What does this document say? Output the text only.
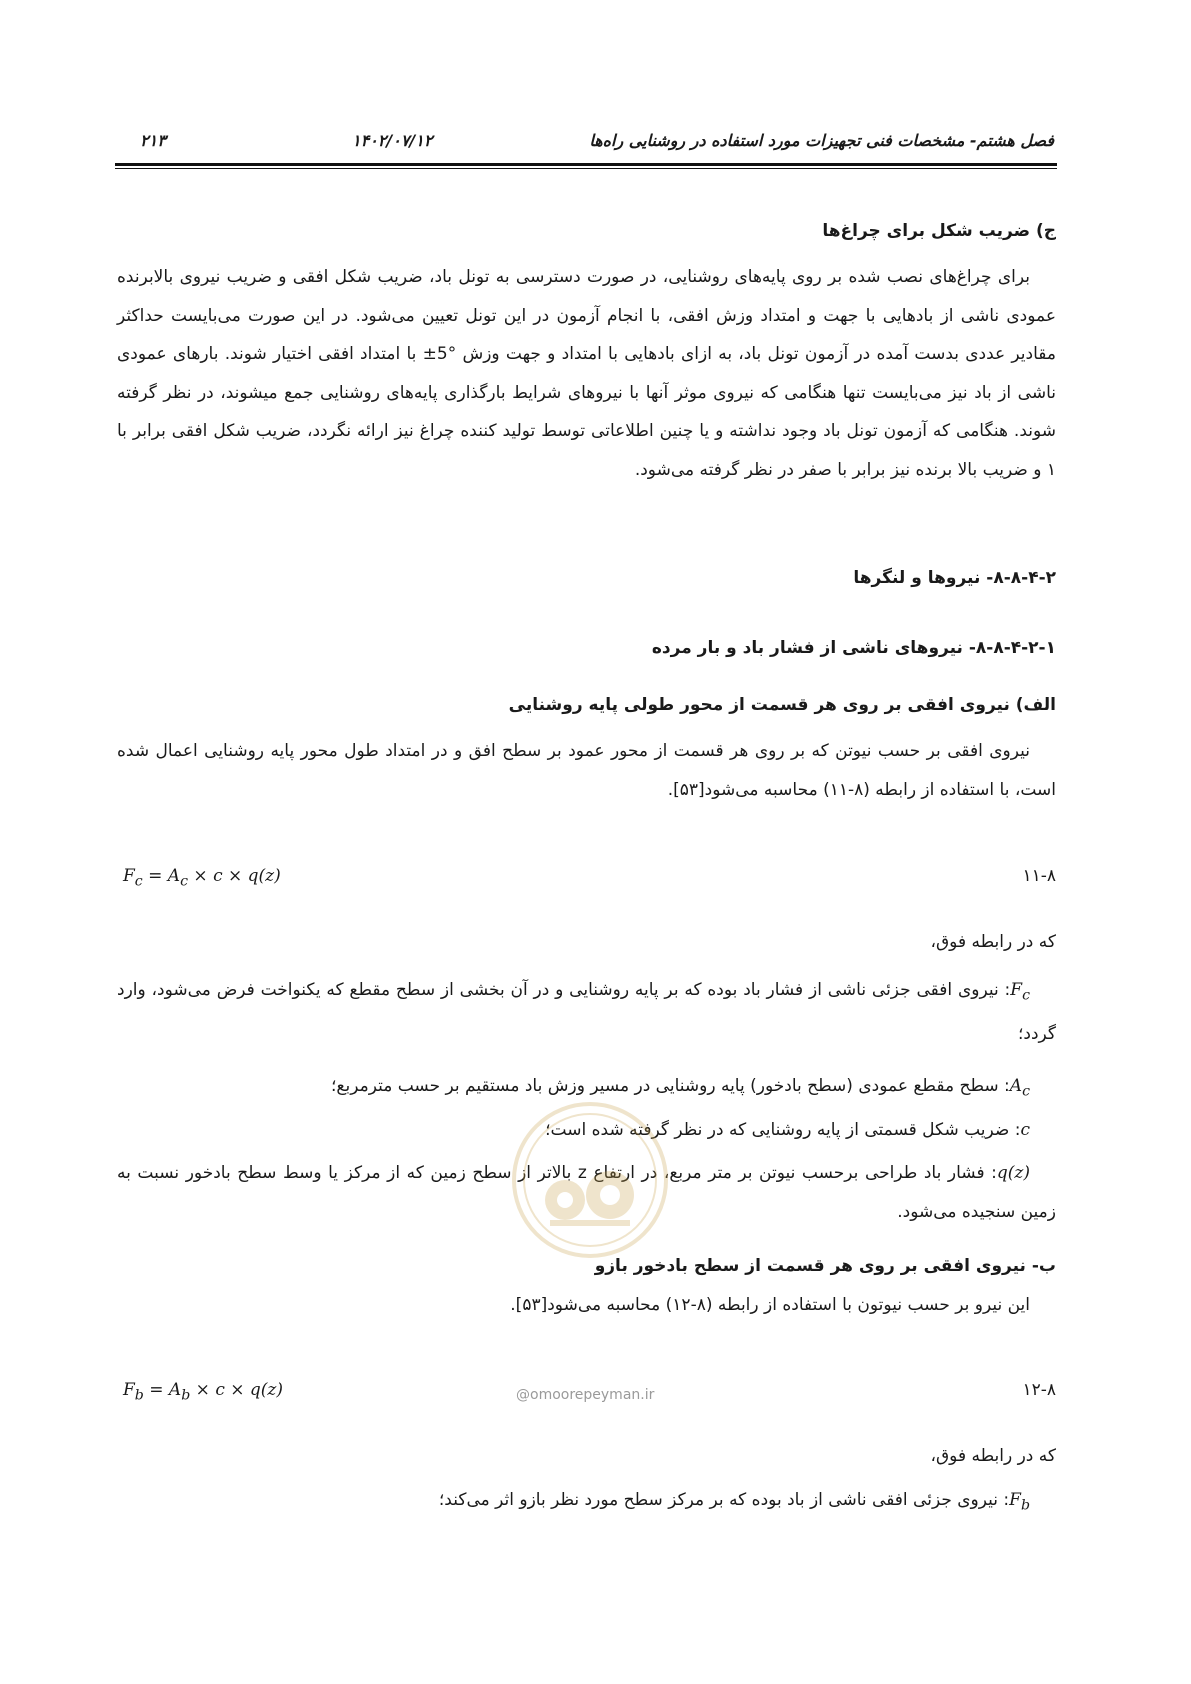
فصل هشتم- مشخصات فنی تجهیزات مورد استفاده در روشنایی راه‌ها
۱۴۰۲/۰۷/۱۲
۲۱۳
ج) ضریب شکل برای چراغ‌ها
برای چراغ‌های نصب شده بر روی پایه‌های روشنایی، در صورت دسترسی به تونل باد، ضریب شکل افقی و ضریب نیروی بالابرنده عمودی ناشی از بادهایی با جهت و امتداد وزش افقی، با انجام آزمون در این تونل تعیین می‌شود. در این صورت می‌بایست حداکثر مقادیر عددی بدست آمده در آزمون تونل باد، به ازای بادهایی با امتداد و جهت وزش °5± با امتداد افقی اختیار شوند. بارهای عمودی ناشی از باد نیز می‌بایست تنها هنگامی که نیروی موثر آنها با نیروهای شرایط بارگذاری پایه‌های روشنایی جمع میشوند، در نظر گرفته شوند. هنگامی که آزمون تونل باد وجود نداشته و یا چنین اطلاعاتی توسط تولید کننده چراغ نیز ارائه نگردد، ضریب شکل افقی برابر با ۱ و ضریب بالا برنده نیز برابر با صفر در نظر گرفته می‌شود.
۸-۸-۴-۲- نیروها و لنگرها
۸-۸-۴-۲-۱- نیروهای ناشی از فشار باد و بار مرده
الف) نیروی افقی بر روی هر قسمت از محور طولی پایه روشنایی
نیروی افقی بر حسب نیوتن که بر روی هر قسمت از محور عمود بر سطح افق و در امتداد طول محور پایه روشنایی اعمال شده است، با استفاده از رابطه (۸-۱۱) محاسبه می‌شود[۵۳].
$F_c = A_c \times c \times q(z)$	۱۱-۸
که در رابطه فوق،
$F_c$: نیروی افقی جزئی ناشی از فشار باد بوده که بر پایه روشنایی و در آن بخشی از سطح مقطع که یکنواخت فرض می‌شود، وارد گردد؛
$A_c$: سطح مقطع عمودی (سطح بادخور) پایه روشنایی در مسیر وزش باد مستقیم بر حسب مترمربع؛
c: ضریب شکل قسمتی از پایه روشنایی که در نظر گرفته شده است؛
q(z): فشار باد طراحی برحسب نیوتن بر متر مربع، در ارتفاع z بالاتر از سطح زمین که از مرکز یا وسط سطح بادخور نسبت به زمین سنجیده می‌شود.
ب- نیروی افقی بر روی هر قسمت از سطح بادخور بازو
این نیرو بر حسب نیوتون با استفاده از رابطه (۸-۱۲) محاسبه می‌شود[۵۳].
$F_b = A_b \times c \times q(z)$	۱۲-۸
که در رابطه فوق،
$F_b$: نیروی جزئی افقی ناشی از باد بوده که بر مرکز سطح مورد نظر بازو اثر می‌کند؛
@omoorepeyman.ir
